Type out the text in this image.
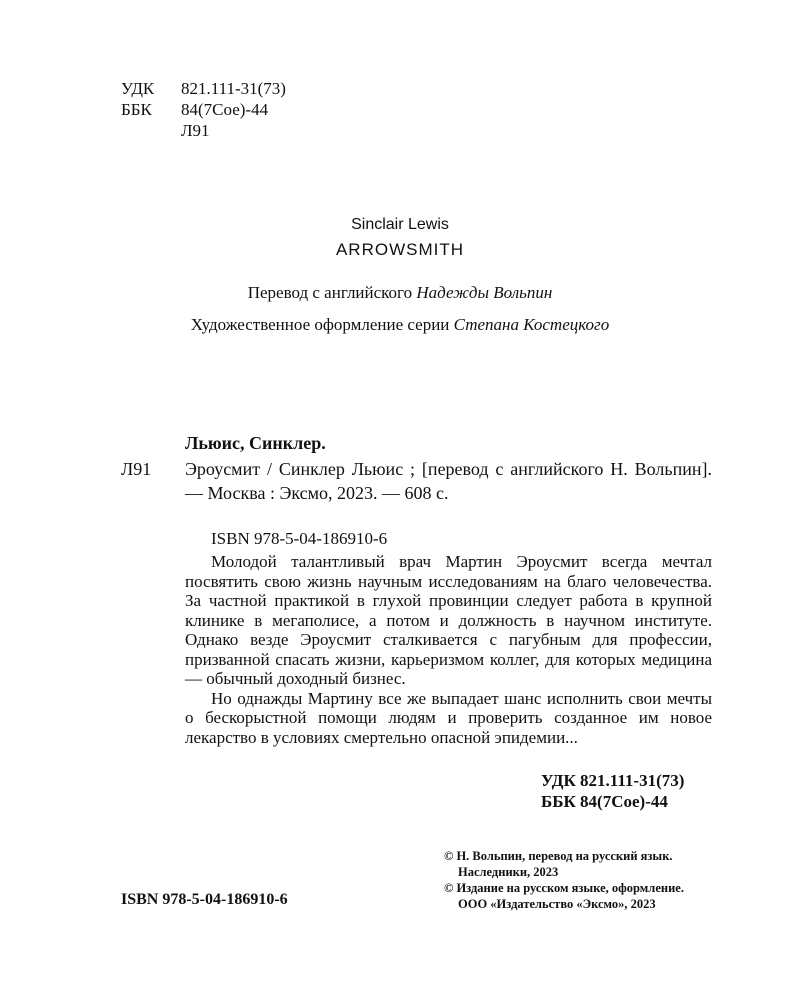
УДК	821.111-31(73)
ББК	84(7Сое)-44
Л91
Sinclair Lewis
ARROWSMITH
Перевод с английского Надежды Вольпин
Художественное оформление серии Степана Костецкого
Льюис, Синклер.
Л91 Эроусмит / Синклер Льюис ; [перевод с английского Н. Вольпин]. — Москва : Эксмо, 2023. — 608 с.
ISBN 978-5-04-186910-6

Молодой талантливый врач Мартин Эроусмит всегда мечтал посвятить свою жизнь научным исследованиям на благо человечества. За частной практикой в глухой провинции следует работа в крупной клинике в мегаполисе, а потом и должность в научном институте. Однако везде Эроусмит сталкивается с пагубным для профессии, призванной спасать жизни, карьеризмом коллег, для которых медицина — обычный доходный бизнес.

Но однажды Мартину все же выпадает шанс исполнить свои мечты о бескорыстной помощи людям и проверить созданное им новое лекарство в условиях смертельно опасной эпидемии...

УДК 821.111-31(73)
ББК 84(7Сое)-44
ISBN 978-5-04-186910-6
© Н. Вольпин, перевод на русский язык.
Наследники, 2023
© Издание на русском языке, оформление.
ООО «Издательство «Эксмо», 2023
